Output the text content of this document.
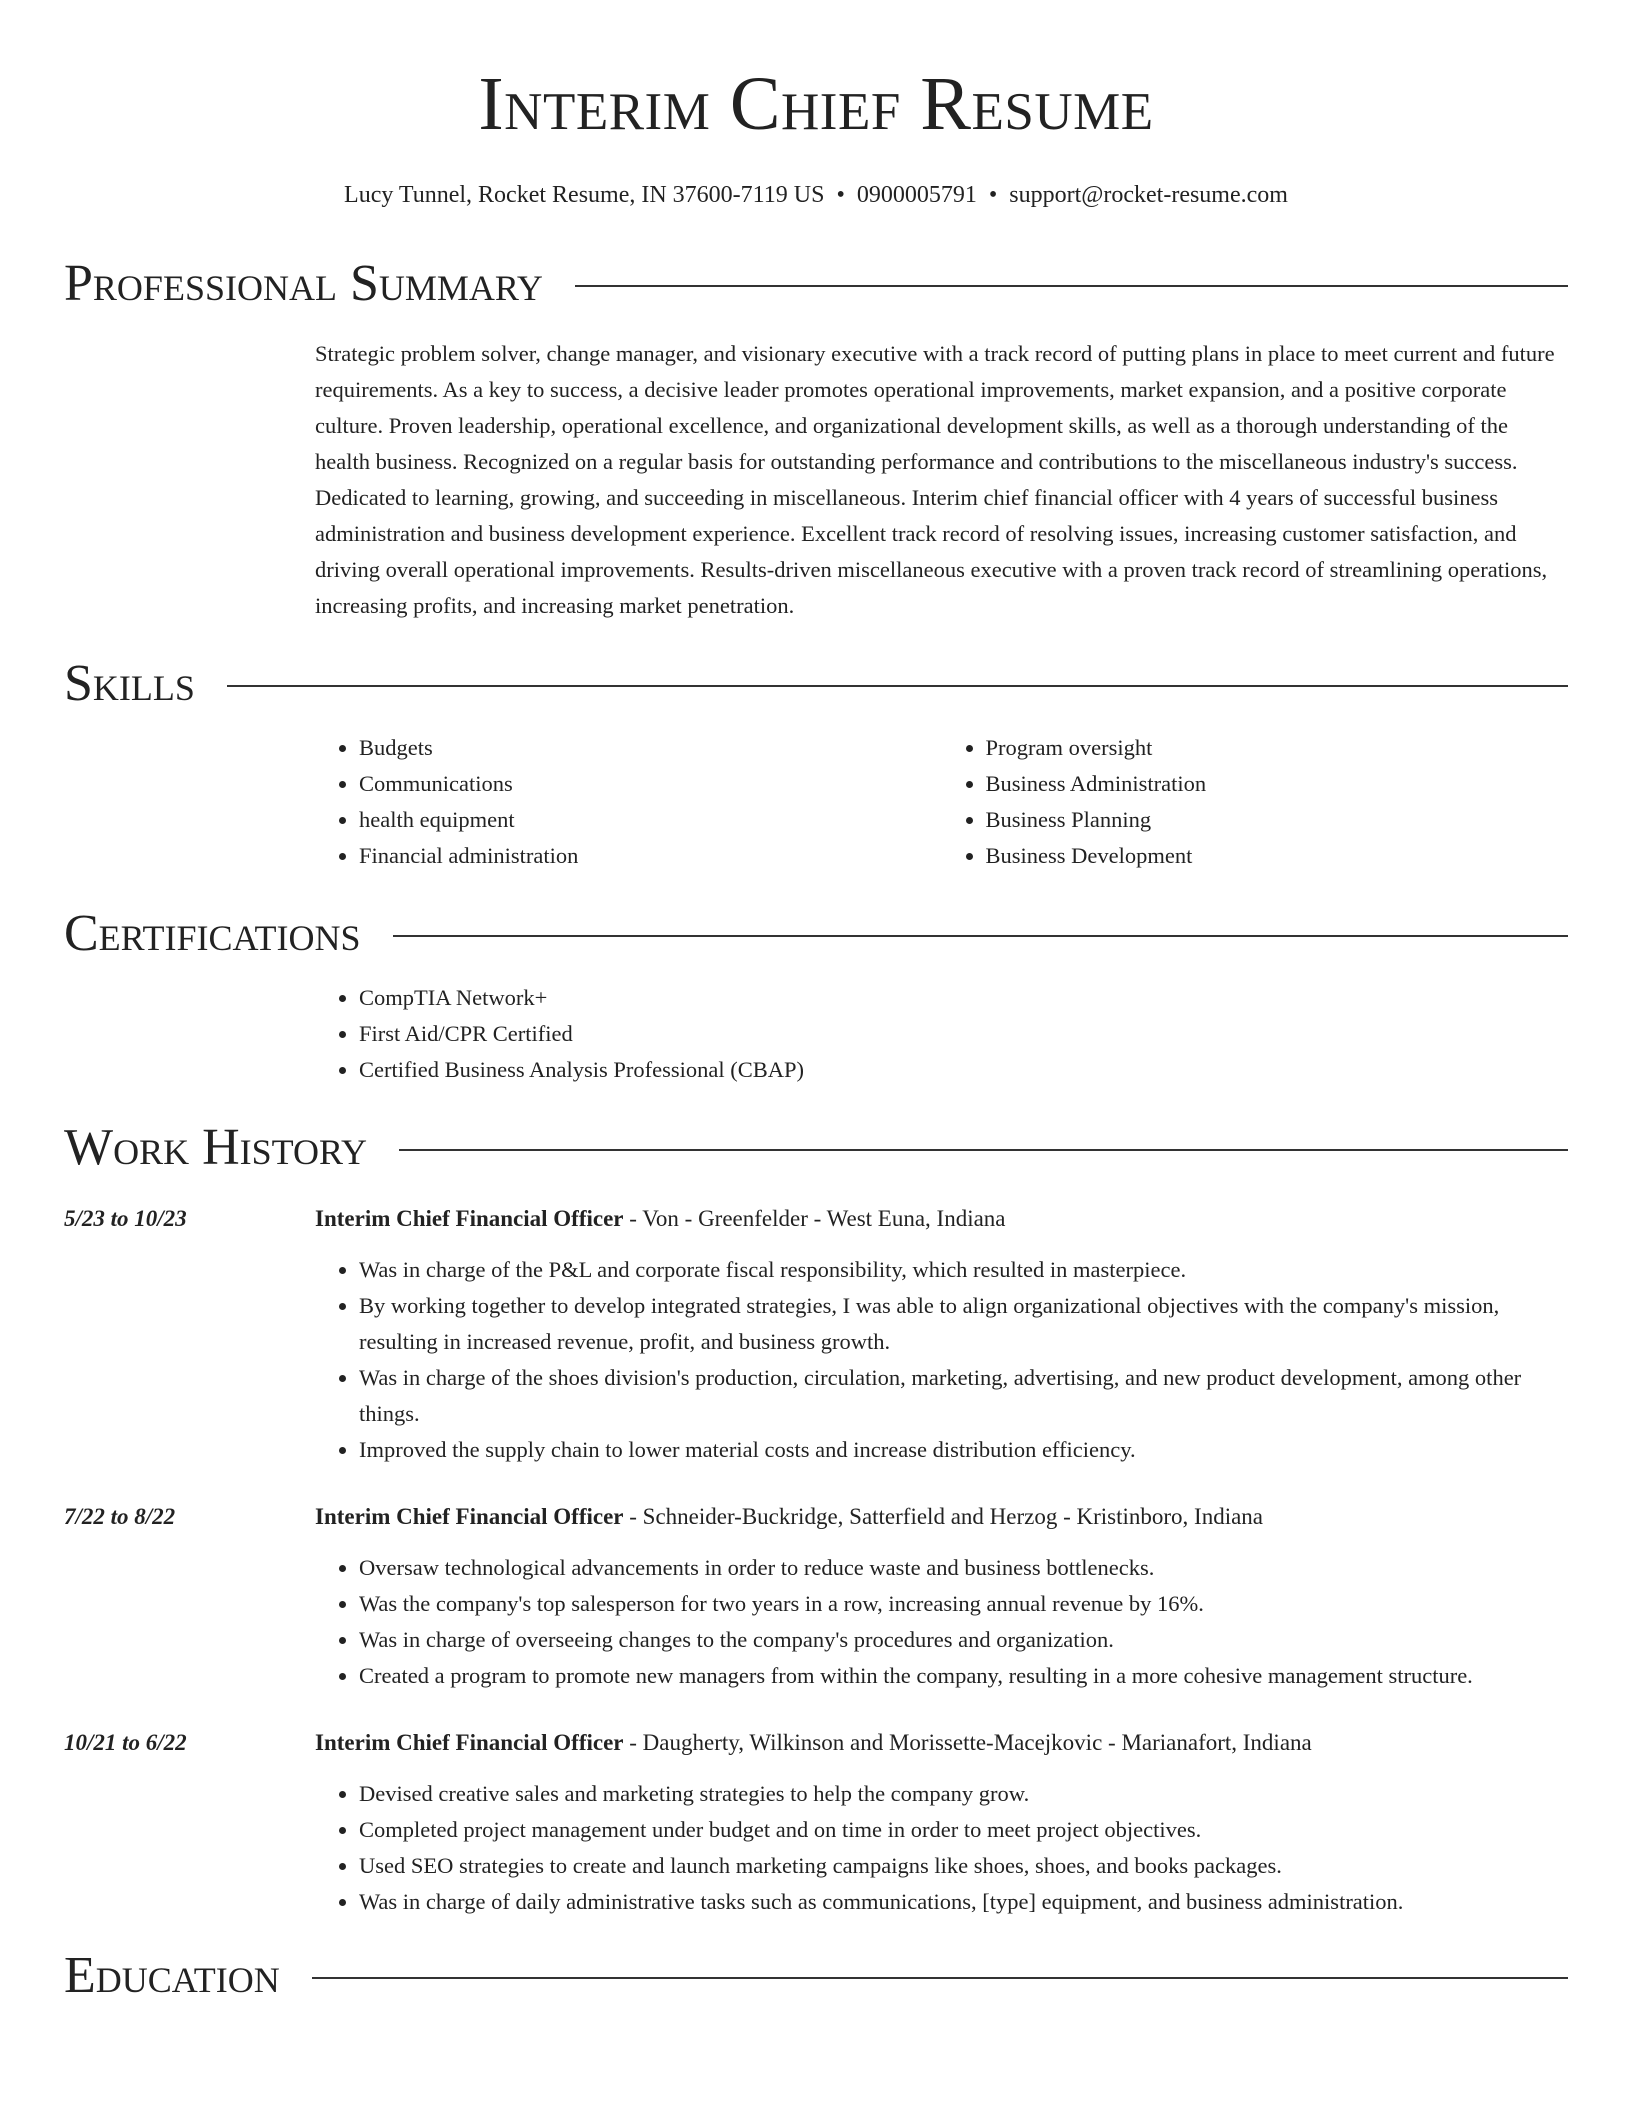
Interim Chief Resume
Lucy Tunnel, Rocket Resume, IN 37600-7119 US • 0900005791 • support@rocket-resume.com
Professional Summary
Strategic problem solver, change manager, and visionary executive with a track record of putting plans in place to meet current and future requirements. As a key to success, a decisive leader promotes operational improvements, market expansion, and a positive corporate culture. Proven leadership, operational excellence, and organizational development skills, as well as a thorough understanding of the health business. Recognized on a regular basis for outstanding performance and contributions to the miscellaneous industry's success. Dedicated to learning, growing, and succeeding in miscellaneous. Interim chief financial officer with 4 years of successful business administration and business development experience. Excellent track record of resolving issues, increasing customer satisfaction, and driving overall operational improvements. Results-driven miscellaneous executive with a proven track record of streamlining operations, increasing profits, and increasing market penetration.
Skills
• Budgets
• Communications
• health equipment
• Financial administration
• Program oversight
• Business Administration
• Business Planning
• Business Development
Certifications
• CompTIA Network+
• First Aid/CPR Certified
• Certified Business Analysis Professional (CBAP)
Work History
5/23 to 10/23	Interim Chief Financial Officer - Von - Greenfelder - West Euna, Indiana
• Was in charge of the P&L and corporate fiscal responsibility, which resulted in masterpiece.
• By working together to develop integrated strategies, I was able to align organizational objectives with the company's mission, resulting in increased revenue, profit, and business growth.
• Was in charge of the shoes division's production, circulation, marketing, advertising, and new product development, among other things.
• Improved the supply chain to lower material costs and increase distribution efficiency.
7/22 to 8/22	Interim Chief Financial Officer - Schneider-Buckridge, Satterfield and Herzog - Kristinboro, Indiana
• Oversaw technological advancements in order to reduce waste and business bottlenecks.
• Was the company's top salesperson for two years in a row, increasing annual revenue by 16%.
• Was in charge of overseeing changes to the company's procedures and organization.
• Created a program to promote new managers from within the company, resulting in a more cohesive management structure.
10/21 to 6/22	Interim Chief Financial Officer - Daugherty, Wilkinson and Morissette-Macejkovic - Marianafort, Indiana
• Devised creative sales and marketing strategies to help the company grow.
• Completed project management under budget and on time in order to meet project objectives.
• Used SEO strategies to create and launch marketing campaigns like shoes, shoes, and books packages.
• Was in charge of daily administrative tasks such as communications, [type] equipment, and business administration.
Education
